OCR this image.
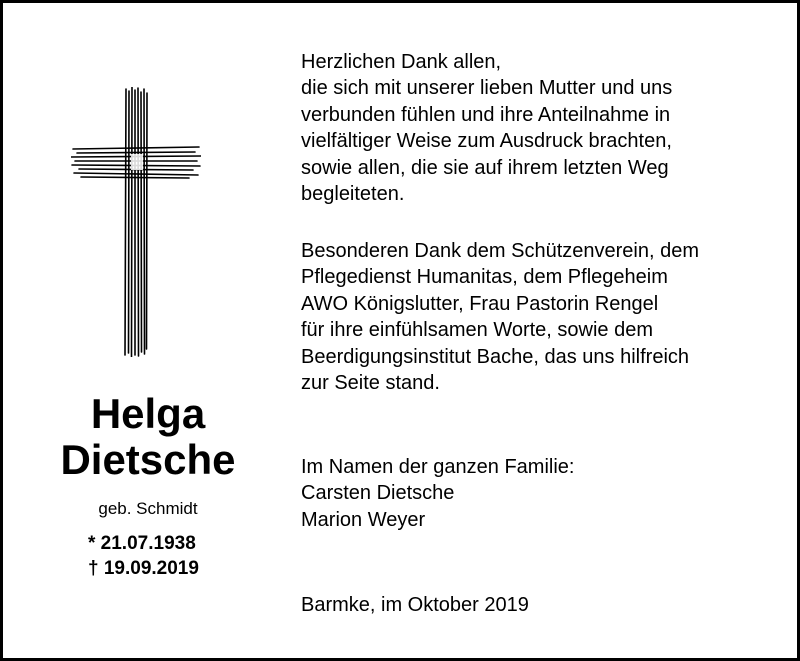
Helga
Dietsche
geb. Schmidt
* 21.07.1938
† 19.09.2019
Herzlichen Dank allen,
die sich mit unserer lieben Mutter und uns
verbunden fühlen und ihre Anteilnahme in
vielfältiger Weise zum Ausdruck brachten,
sowie allen, die sie auf ihrem letzten Weg
begleiteten.
Besonderen Dank dem Schützenverein, dem
Pflegedienst Humanitas, dem Pflegeheim
AWO Königslutter, Frau Pastorin Rengel
für ihre einfühlsamen Worte, sowie dem
Beerdigungsinstitut Bache, das uns hilfreich
zur Seite stand.
Im Namen der ganzen Familie:
Carsten Dietsche
Marion Weyer
Barmke, im Oktober 2019
